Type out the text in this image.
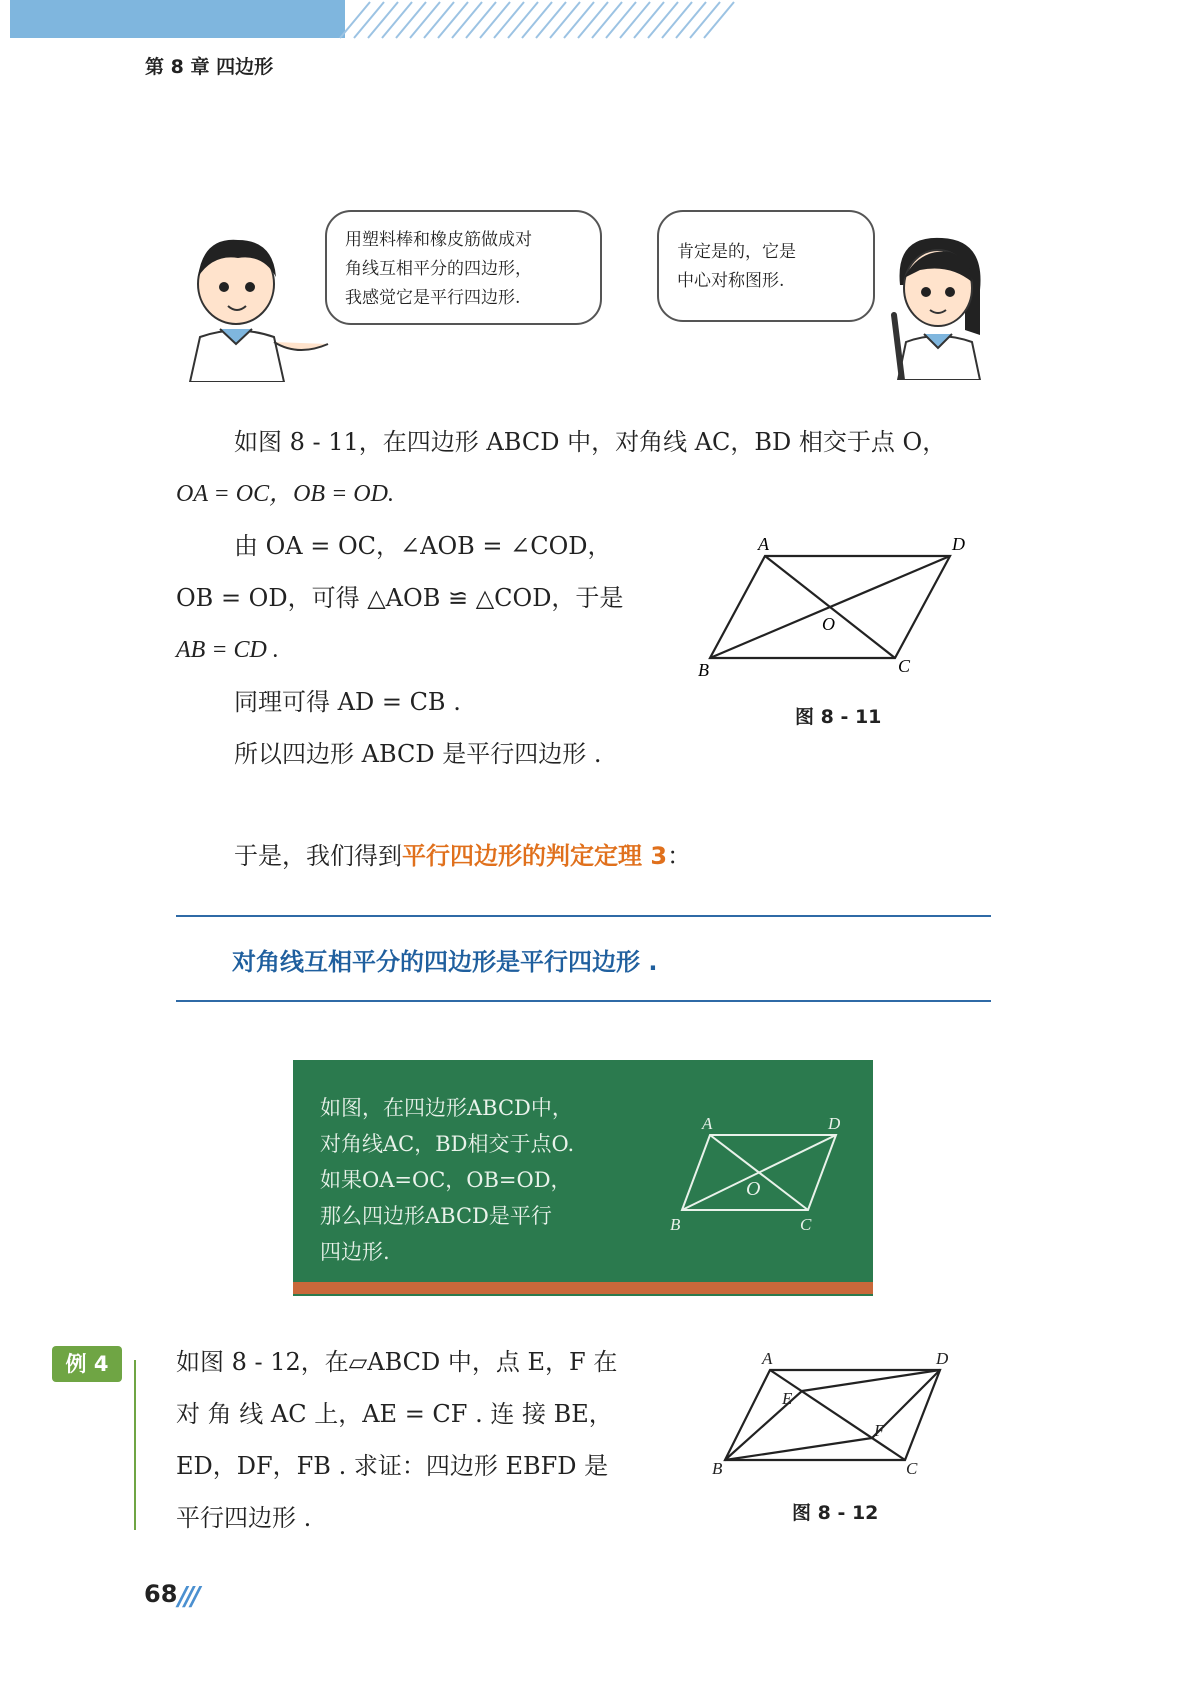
第 8 章 四边形
用塑料棒和橡皮筋做成对
角线互相平分的四边形，
我感觉它是平行四边形.
肯定是的，它是
中心对称图形.
如图 8 - 11，在四边形 ABCD 中，对角线 AC，BD 相交于点 O，
OA = OC，OB = OD.
由 OA = OC，∠AOB = ∠COD，
OB = OD，可得 △AOB ≌ △COD，于是
AB = CD .
同理可得 AD = CB .
所以四边形 ABCD 是平行四边形 .
A	D
B	C
O
图 8 - 11
于是，我们得到平行四边形的判定定理 3：
对角线互相平分的四边形是平行四边形 .
如图，在四边形ABCD中，
对角线AC，BD相交于点O.
如果OA=OC，OB=OD，
那么四边形ABCD是平行
四边形.
A	D
B	C
O
例 4	如图 8 - 12，在▱ABCD 中，点 E，F 在
对 角 线 AC 上，AE = CF . 连 接 BE，
ED，DF，FB . 求证：四边形 EBFD 是
平行四边形 .
A	D
B	C
E
F
图 8 - 12
68 ///
